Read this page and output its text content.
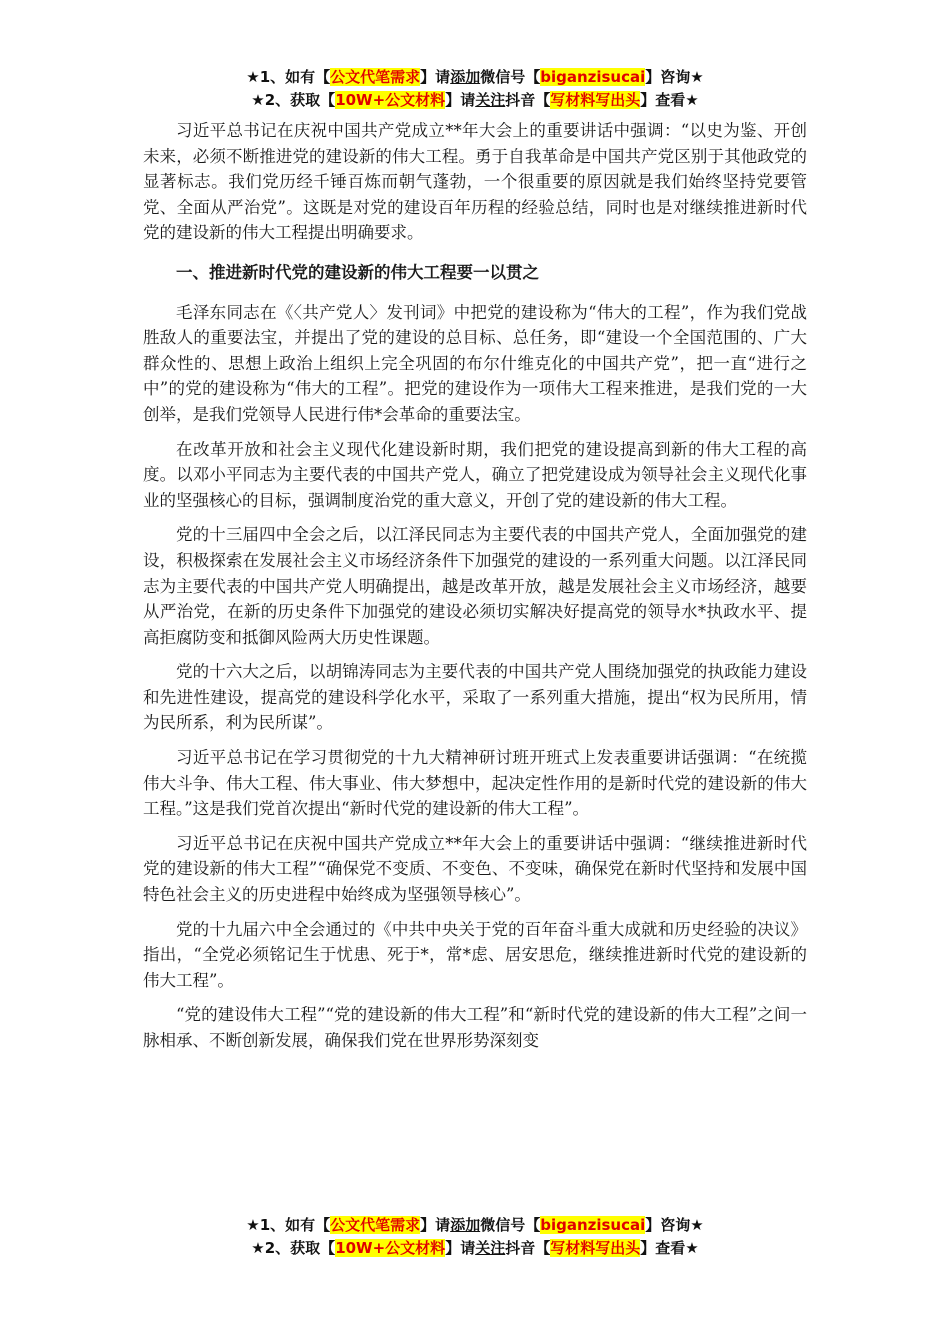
★1、如有【公文代笔需求】请添加微信号【biganzisucai】咨询★
★2、获取【10W+公文材料】请关注抖音【写材料写出头】查看★

习近平总书记在庆祝中国共产党成立**年大会上的重要讲话中强调：“以史为鉴、开创未来，必须不断推进党的建设新的伟大工程。勇于自我革命是中国共产党区别于其他政党的显著标志。我们党历经千锤百炼而朝气蓬勃，一个很重要的原因就是我们始终坚持党要管党、全面从严治党”。这既是对党的建设百年历程的经验总结，同时也是对继续推进新时代党的建设新的伟大工程提出明确要求。

一、推进新时代党的建设新的伟大工程要一以贯之

毛泽东同志在《〈共产党人〉发刊词》中把党的建设称为“伟大的工程”，作为我们党战胜敌人的重要法宝，并提出了党的建设的总目标、总任务，即“建设一个全国范围的、广大群众性的、思想上政治上组织上完全巩固的布尔什维克化的中国共产党”，把一直“进行之中”的党的建设称为“伟大的工程”。把党的建设作为一项伟大工程来推进，是我们党的一大创举，是我们党领导人民进行伟*会革命的重要法宝。

在改革开放和社会主义现代化建设新时期，我们把党的建设提高到新的伟大工程的高度。以邓小平同志为主要代表的中国共产党人，确立了把党建设成为领导社会主义现代化事业的坚强核心的目标，强调制度治党的重大意义，开创了党的建设新的伟大工程。

党的十三届四中全会之后，以江泽民同志为主要代表的中国共产党人，全面加强党的建设，积极探索在发展社会主义市场经济条件下加强党的建设的一系列重大问题。以江泽民同志为主要代表的中国共产党人明确提出，越是改革开放，越是发展社会主义市场经济，越要从严治党，在新的历史条件下加强党的建设必须切实解决好提高党的领导水*执政水平、提高拒腐防变和抵御风险两大历史性课题。

党的十六大之后，以胡锦涛同志为主要代表的中国共产党人围绕加强党的执政能力建设和先进性建设，提高党的建设科学化水平，采取了一系列重大措施，提出“权为民所用，情为民所系，利为民所谋”。

习近平总书记在学习贯彻党的十九大精神研讨班开班式上发表重要讲话强调：“在统揽伟大斗争、伟大工程、伟大事业、伟大梦想中，起决定性作用的是新时代党的建设新的伟大工程。”这是我们党首次提出“新时代党的建设新的伟大工程”。

习近平总书记在庆祝中国共产党成立**年大会上的重要讲话中强调：“继续推进新时代党的建设新的伟大工程”“确保党不变质、不变色、不变味，确保党在新时代坚持和发展中国特色社会主义的历史进程中始终成为坚强领导核心”。

党的十九届六中全会通过的《中共中央关于党的百年奋斗重大成就和历史经验的决议》指出，“全党必须铭记生于忧患、死于*，常*虑、居安思危，继续推进新时代党的建设新的伟大工程”。

“党的建设伟大工程”“党的建设新的伟大工程”和“新时代党的建设新的伟大工程”之间一脉相承、不断创新发展，确保我们党在世界形势深刻变

★1、如有【公文代笔需求】请添加微信号【biganzisucai】咨询★
★2、获取【10W+公文材料】请关注抖音【写材料写出头】查看★
